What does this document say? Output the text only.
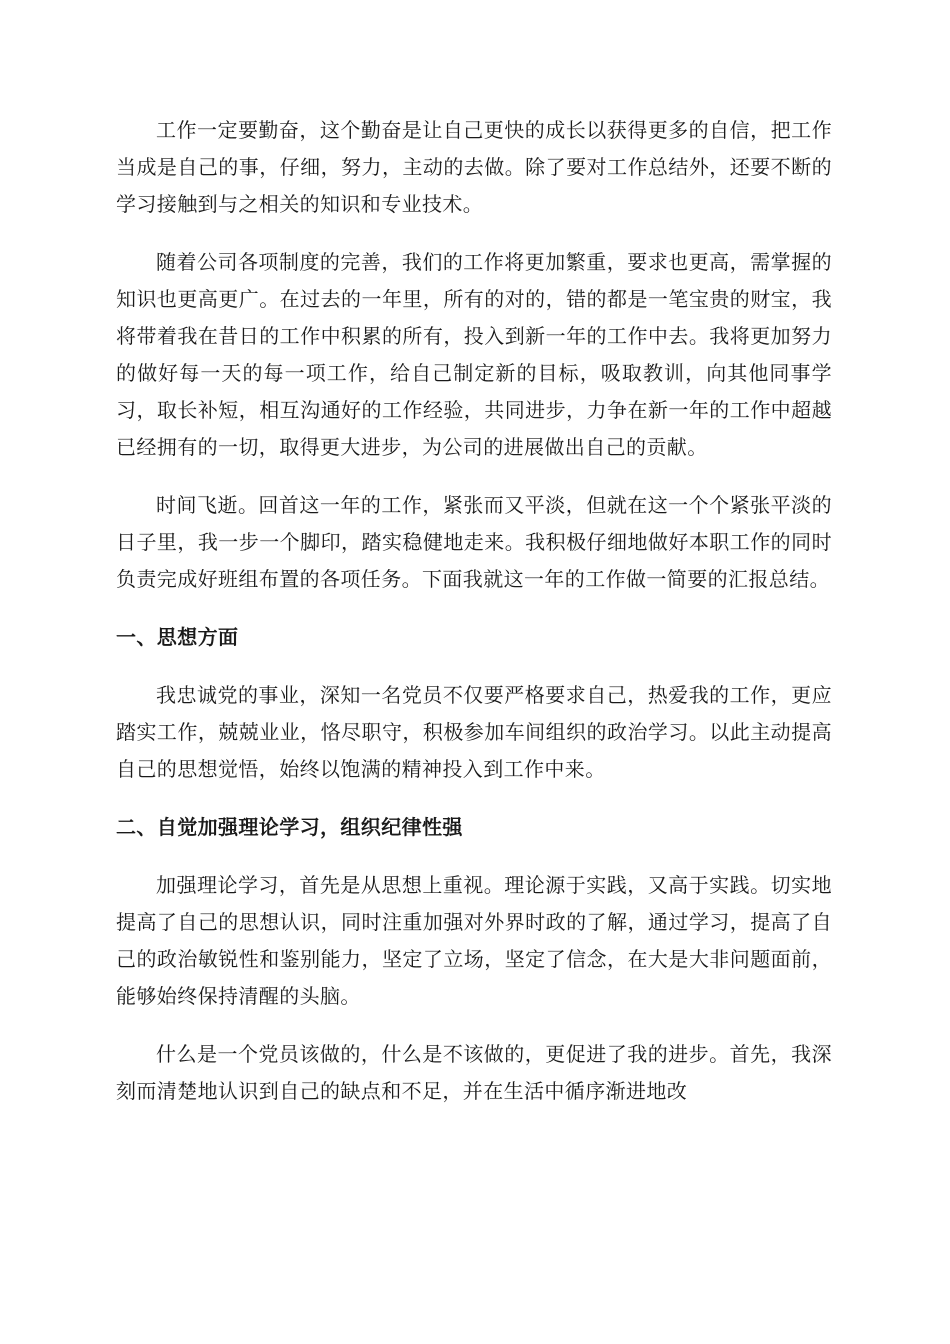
工作一定要勤奋，这个勤奋是让自己更快的成长以获得更多的自信，把工作当成是自己的事，仔细，努力，主动的去做。除了要对工作总结外，还要不断的学习接触到与之相关的知识和专业技术。

随着公司各项制度的完善，我们的工作将更加繁重，要求也更高，需掌握的知识也更高更广。在过去的一年里，所有的对的，错的都是一笔宝贵的财宝，我将带着我在昔日的工作中积累的所有，投入到新一年的工作中去。我将更加努力的做好每一天的每一项工作，给自己制定新的目标，吸取教训，向其他同事学习，取长补短，相互沟通好的工作经验，共同进步，力争在新一年的工作中超越已经拥有的一切，取得更大进步，为公司的进展做出自己的贡献。

时间飞逝。回首这一年的工作，紧张而又平淡，但就在这一个个紧张平淡的日子里，我一步一个脚印，踏实稳健地走来。我积极仔细地做好本职工作的同时负责完成好班组布置的各项任务。下面我就这一年的工作做一简要的汇报总结。

一、思想方面

我忠诚党的事业，深知一名党员不仅要严格要求自己，热爱我的工作，更应踏实工作，兢兢业业，恪尽职守，积极参加车间组织的政治学习。以此主动提高自己的思想觉悟，始终以饱满的精神投入到工作中来。

二、自觉加强理论学习，组织纪律性强

加强理论学习，首先是从思想上重视。理论源于实践，又高于实践。切实地提高了自己的思想认识，同时注重加强对外界时政的了解，通过学习，提高了自己的政治敏锐性和鉴别能力，坚定了立场，坚定了信念，在大是大非问题面前，能够始终保持清醒的头脑。

什么是一个党员该做的，什么是不该做的，更促进了我的进步。首先，我深刻而清楚地认识到自己的缺点和不足，并在生活中循序渐进地改
